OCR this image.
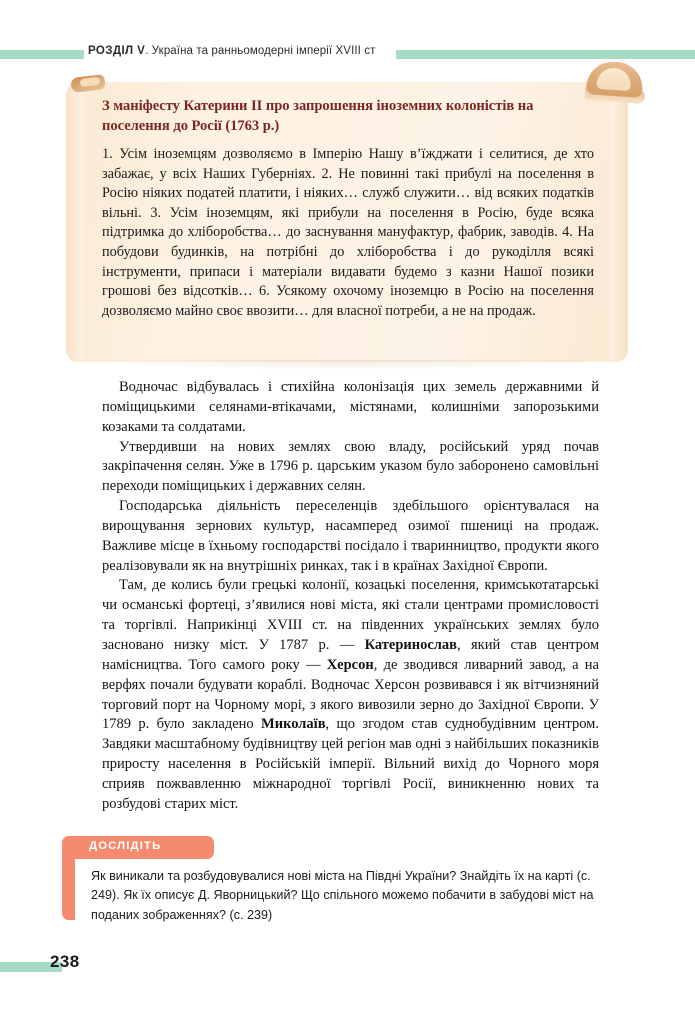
РОЗДІЛ V. Україна та ранньомодерні імперії XVIII ст

З маніфесту Катерини II про запрошення іноземних колоністів на поселення до Росії (1763 р.)

1. Усім іноземцям дозволяємо в Імперію Нашу в’їжджати і селитися, де хто забажає, у всіх Наших Губерніях. 2. Не повинні такі прибулі на поселення в Росію ніяких податей платити, і ніяких… служб служити… від всяких податків вільні. 3. Усім іноземцям, які прибули на поселення в Росію, буде всяка підтримка до хліборобства… до заснування мануфактур, фабрик, заводів. 4. На побудови будинків, на потрібні до хліборобства і до рукоділля всякі інструменти, припаси і матеріали видавати будемо з казни Нашої позики грошові без відсотків… 6. Усякому охочому іноземцю в Росію на поселення дозволяємо майно своє ввозити… для власної потреби, а не на продаж.

Водночас відбувалась і стихійна колонізація цих земель державними й поміщицькими селянами-втікачами, містянами, колишніми запорозькими козаками та солдатами.

Утвердивши на нових землях свою владу, російський уряд почав закріпачення селян. Уже в 1796 р. царським указом було заборонено самовільні переходи поміщицьких і державних селян.

Господарська діяльність переселенців здебільшого орієнтувалася на вирощування зернових культур, насамперед озимої пшениці на продаж. Важливе місце в їхньому господарстві посідало і тваринництво, продукти якого реалізовували як на внутрішніх ринках, так і в країнах Західної Європи.

Там, де колись були грецькі колонії, козацькі поселення, кримськотатарські чи османські фортеці, з’явилися нові міста, які стали центрами промисловості та торгівлі. Наприкінці XVIII ст. на південних українських землях було засновано низку міст. У 1787 р. — Катеринослав, який став центром намісництва. Того самого року — Херсон, де зводився ливарний завод, а на верфях почали будувати кораблі. Водночас Херсон розвивався і як вітчизняний торговий порт на Чорному морі, з якого вивозили зерно до Західної Європи. У 1789 р. було закладено Миколаїв, що згодом став суднобудівним центром. Завдяки масштабному будівництву цей регіон мав одні з найбільших показників приросту населення в Російській імперії. Вільний вихід до Чорного моря сприяв пожвавленню міжнародної торгівлі Росії, виникненню нових та розбудові старих міст.

ДОСЛІДІТЬ

Як виникали та розбудовувалися нові міста на Півдні України? Знайдіть їх на карті (с. 249). Як їх описує Д. Яворницький? Що спільного можемо побачити в забудові міст на поданих зображеннях? (с. 239)

238
